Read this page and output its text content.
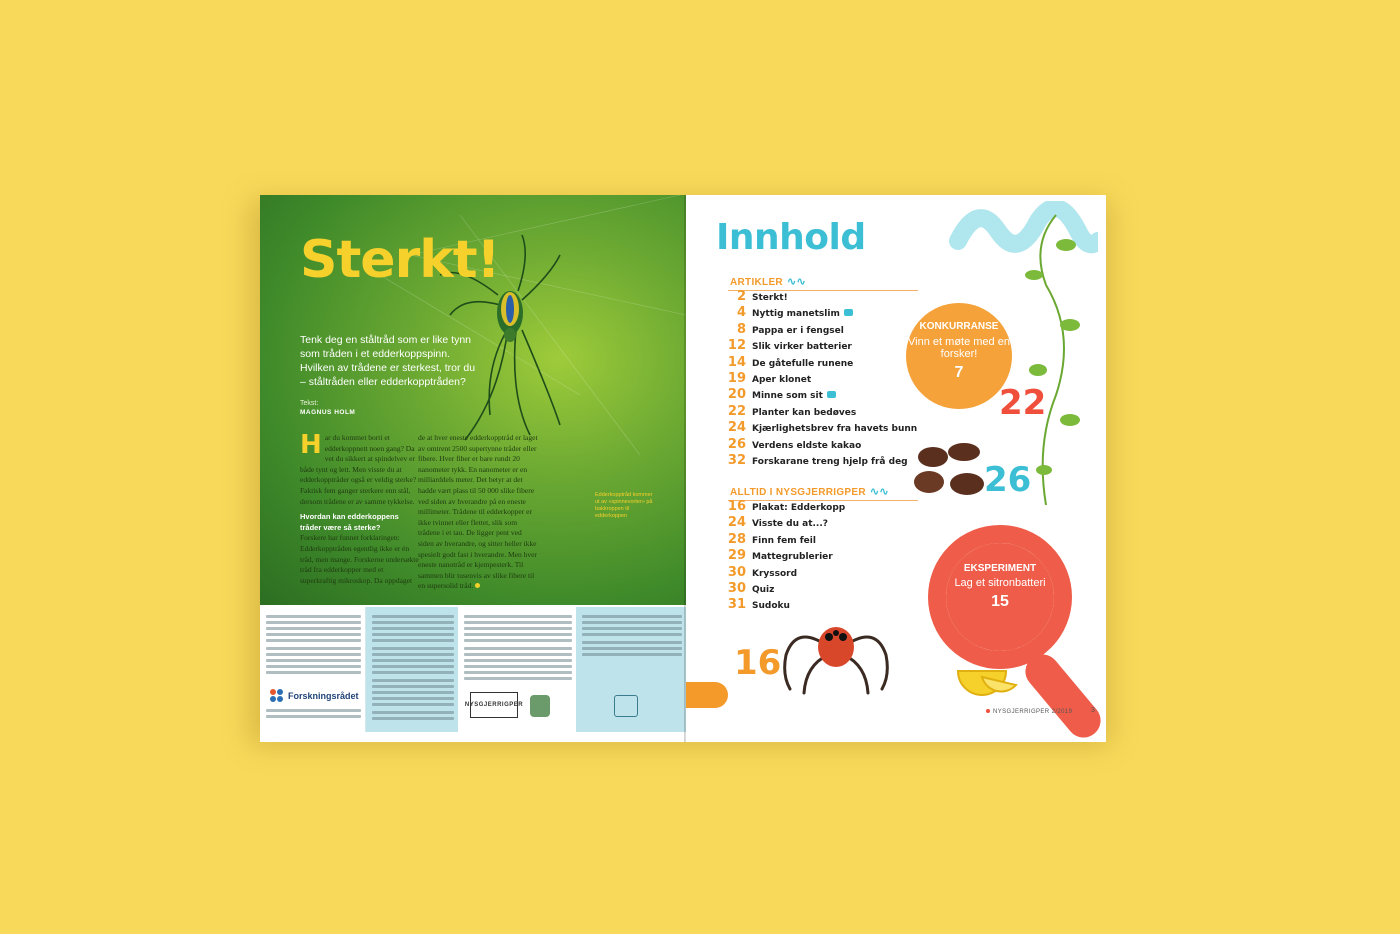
Sterkt!
Tenk deg en ståltråd som er like tynn som tråden i et edderkoppspinn. Hvilken av trådene er sterkest, tror du – ståltråden eller edderkopptråden?
Tekst:
MAGNUS HOLM
H ar du kommet borti et edderkoppnett noen gang? Da vet du sikkert at spindelvev er både tynt og lett. Men visste du at edderkopptråder også er veldig sterke? Faktisk fem ganger sterkere enn stål, dersom trådene er av samme tykkelse.
Hvordan kan edderkoppens tråder være så sterke?
Forskere har funnet forklaringen: Edderkopptråden egentlig ikke er én tråd, men mange. Forskerne undersøkte tråd fra edderkopper med et superkraftig mikroskop. Da oppdaget
de at hver eneste edderkopptråd er laget av omtrent 2500 supertynne tråder eller fibere. Hver fiber er bare rundt 20 nanometer tykk. En nanometer er en milliarddels meter. Det betyr at det hadde vært plass til 50 000 slike fibere ved siden av hverandre på en eneste millimeter. Trådene til edderkopper er ikke tvinnet eller flettet, slik som trådene i et tau. De ligger pent ved siden av hverandre, og sitter heller ikke spesielt godt fast i hverandre. Men hver eneste nanotråd er kjempesterk. Til sammen blir tusenvis av slike fibere til en supersolid tråd.
Edderkopptråd kommer ut av «spinnevorter» på bakkroppen til edderkoppen
Forskningsrådet
NYSGJERRIGPER
Innhold
ARTIKLER ∿∿
2 Sterkt!
4 Nyttig manetslim
8 Pappa er i fengsel
12 Slik virker batterier
14 De gåtefulle runene
19 Aper klonet
20 Minne som sit
22 Planter kan bedøves
24 Kjærlighetsbrev fra havets bunn
26 Verdens eldste kakao
32 Forskarane treng hjelp frå deg
ALLTID I NYSGJERRIGPER ∿∿
16 Plakat: Edderkopp
24 Visste du at...?
28 Finn fem feil
29 Mattegrublerier
30 Kryssord
30 Quiz
31 Sudoku
KONKURRANSE
Vinn et møte med en forsker!
7
22
26
EKSPERIMENT
Lag et sitronbatteri
15
16
NYSGJERRIGPER 2/2019	3
